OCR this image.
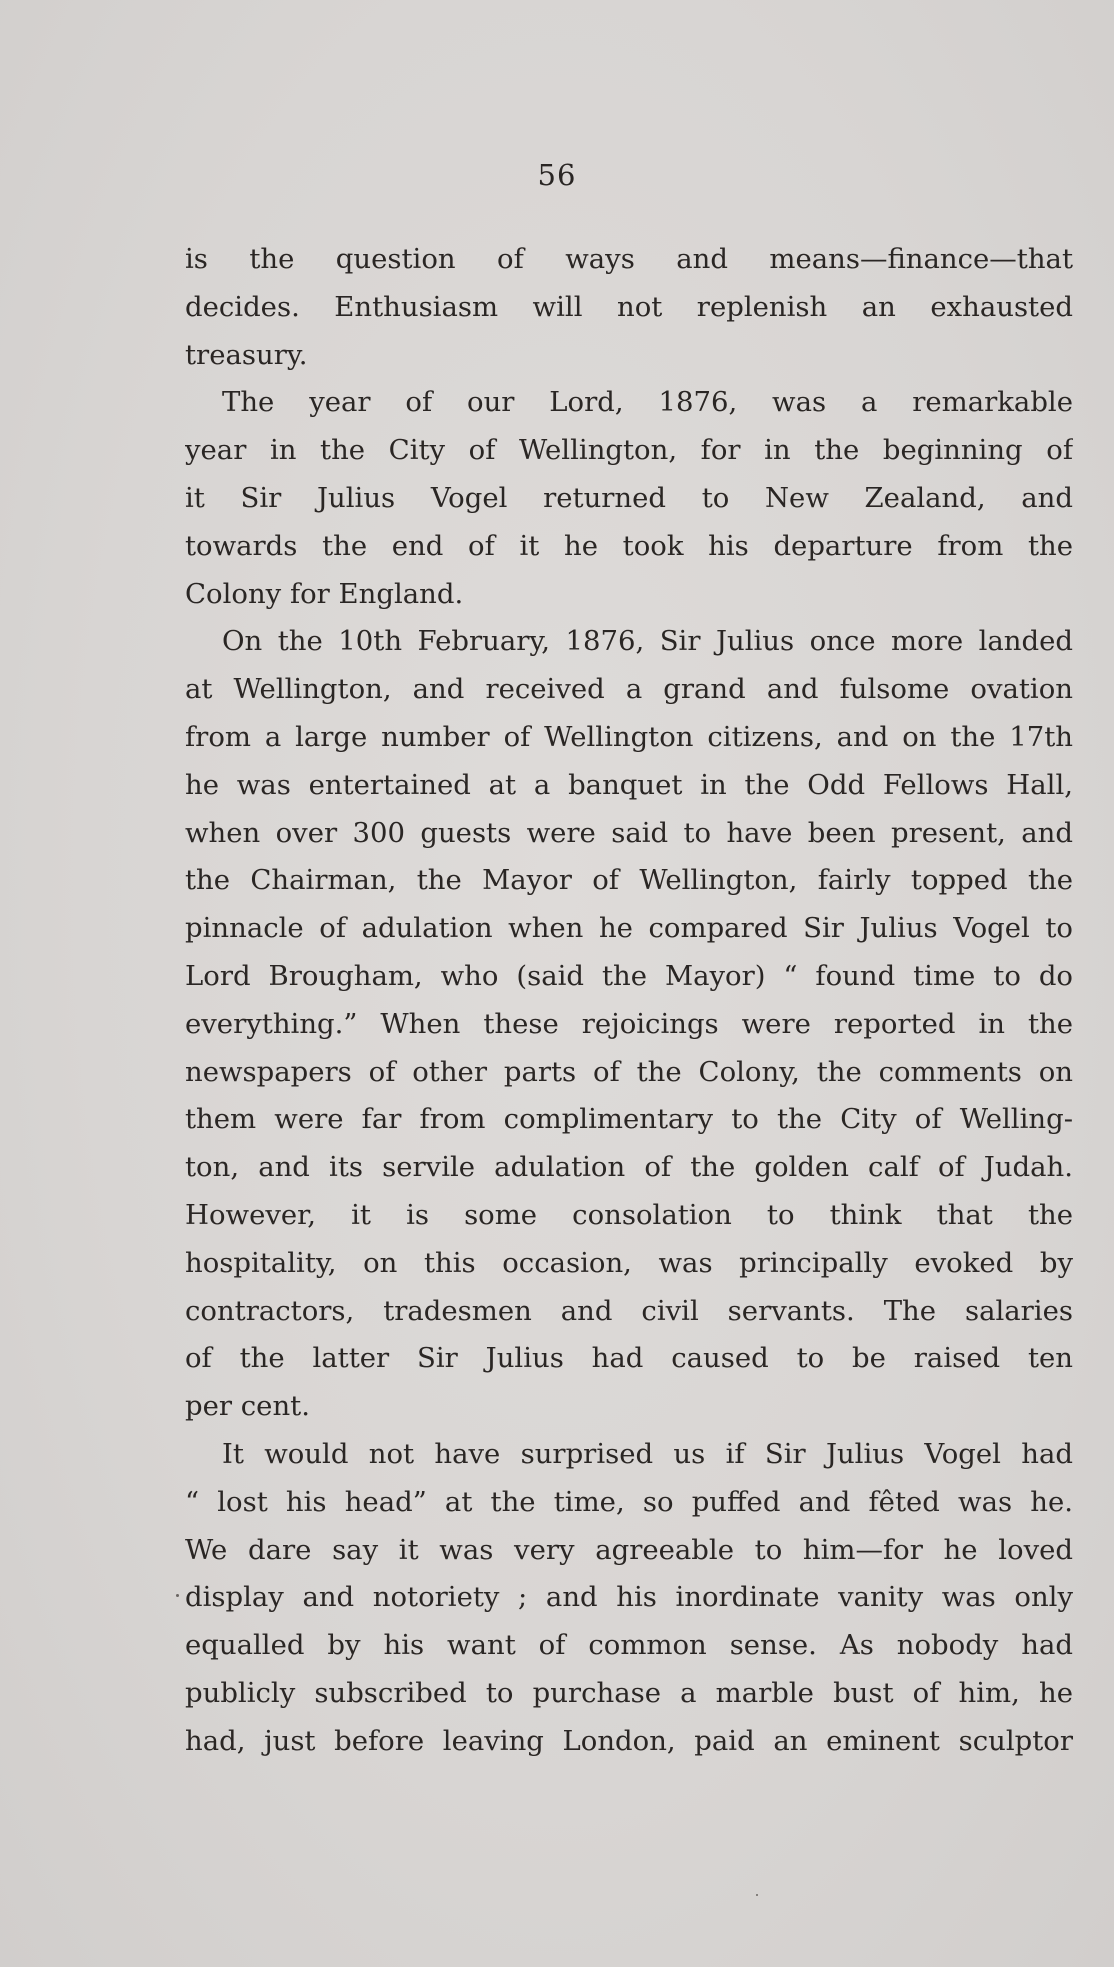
56
is the question of ways and means—finance—that
decides. Enthusiasm will not replenish an exhausted
treasury.
The year of our Lord, 1876, was a remarkable
year in the City of Wellington, for in the beginning of
it Sir Julius Vogel returned to New Zealand, and
towards the end of it he took his departure from the
Colony for England.
On the 10th February, 1876, Sir Julius once more landed
at Wellington, and received a grand and fulsome ovation
from a large number of Wellington citizens, and on the 17th
he was entertained at a banquet in the Odd Fellows Hall,
when over 300 guests were said to have been present, and
the Chairman, the Mayor of Wellington, fairly topped the
pinnacle of adulation when he compared Sir Julius Vogel to
Lord Brougham, who (said the Mayor) “ found time to do
everything.” When these rejoicings were reported in the
newspapers of other parts of the Colony, the comments on
them were far from complimentary to the City of Welling-
ton, and its servile adulation of the golden calf of Judah.
However, it is some consolation to think that the
hospitality, on this occasion, was principally evoked by
contractors, tradesmen and civil servants. The salaries
of the latter Sir Julius had caused to be raised ten
per cent.
It would not have surprised us if Sir Julius Vogel had
“ lost his head” at the time, so puffed and fêted was he.
We dare say it was very agreeable to him—for he loved
display and notoriety ; and his inordinate vanity was only
equalled by his want of common sense. As nobody had
publicly subscribed to purchase a marble bust of him, he
had, just before leaving London, paid an eminent sculptor
